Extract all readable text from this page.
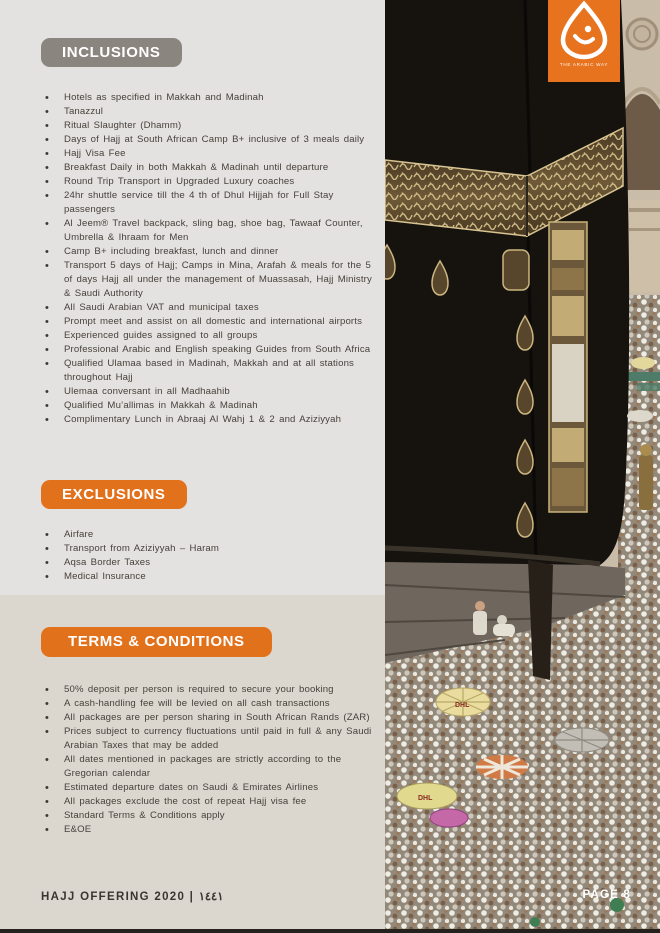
TERMS & CONDITIONS
• 50% deposit per person is required to secure your booking
• A cash-handling fee will be levied on all cash transactions
• All packages are per person sharing in South African Rands (ZAR)
• Prices subject to currency fluctuations until paid in full & any Saudi Arabian Taxes that may be added
• All dates mentioned in packages are strictly according to the Gregorian calendar
• Estimated departure dates on Saudi & Emirates Airlines
• All packages exclude the cost of repeat Hajj visa fee
• Standard Terms & Conditions apply
• E&OE
INCLUSIONS
• Hotels as specified in Makkah and Madinah
• Tanazzul
• Ritual Slaughter (Dhamm)
• Days of Hajj at South African Camp B+ inclusive of 3 meals daily
• Hajj Visa Fee
• Breakfast Daily in both Makkah & Madinah until departure
• Round Trip Transport in Upgraded Luxury coaches
• 24hr shuttle service till the 4 th of Dhul Hijjah for Full Stay passengers
• Al Jeem® Travel backpack, sling bag, shoe bag, Tawaaf Counter, Umbrella & Ihraam for Men
• Camp B+ including breakfast, lunch and dinner
• Transport 5 days of Hajj; Camps in Mina, Arafah & meals for the 5 of days Hajj all under the management of Muassasah, Hajj Ministry & Saudi Authority
• All Saudi Arabian VAT and municipal taxes
• Prompt meet and assist on all domestic and international airports
• Experienced guides assigned to all groups
• Professional Arabic and English speaking Guides from South Africa
• Qualified Ulamaa based in Madinah, Makkah and at all stations throughout Hajj
• Ulemaa conversant in all Madhaahib
• Qualified Mu’allimas in Makkah & Madinah
• Complimentary Lunch in Abraaj Al Wahj 1 & 2 and Aziziyyah
EXCLUSIONS
• Airfare
• Transport from Aziziyyah – Haram
• Aqsa Border Taxes
• Medical Insurance
DHL
DHL
THE ARABIC WAY
HAJJ OFFERING 2020 | ١٤٤١	PAGE 8
